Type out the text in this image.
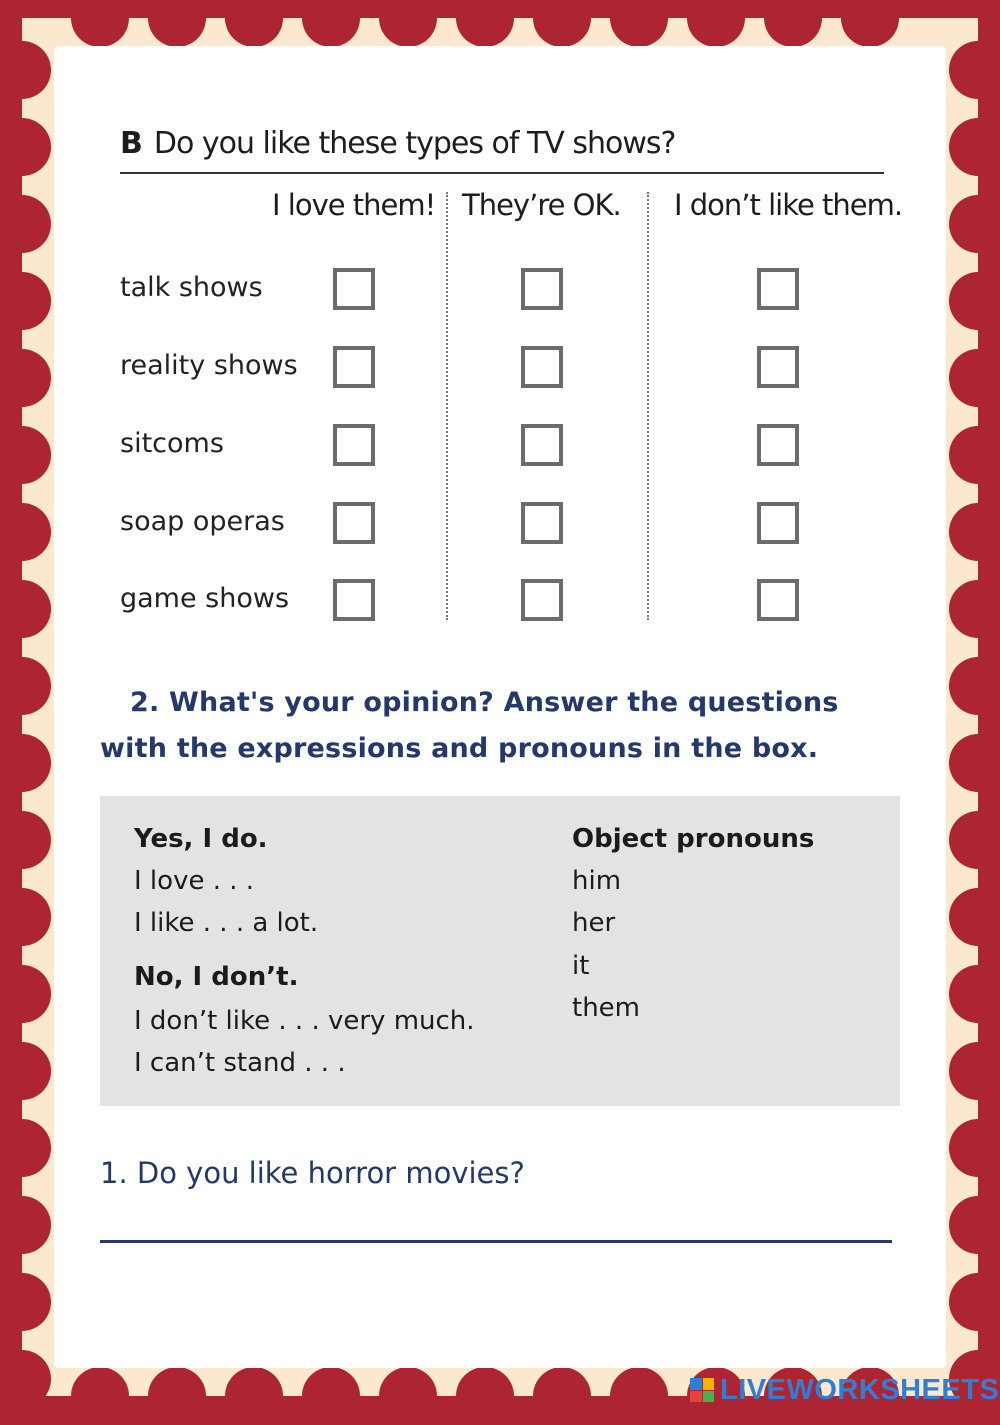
B Do you like these types of TV shows?
I love them! They’re OK. I don’t like them.
talk shows
reality shows
sitcoms
soap operas
game shows
2. What's your opinion? Answer the questions
with the expressions and pronouns in the box.
Yes, I do.
I love . . .
I like . . . a lot.
No, I don’t.
I don’t like . . . very much.
I can’t stand . . .
Object pronouns
him
her
it
them
1. Do you like horror movies?
LIVEWORKSHEETS
